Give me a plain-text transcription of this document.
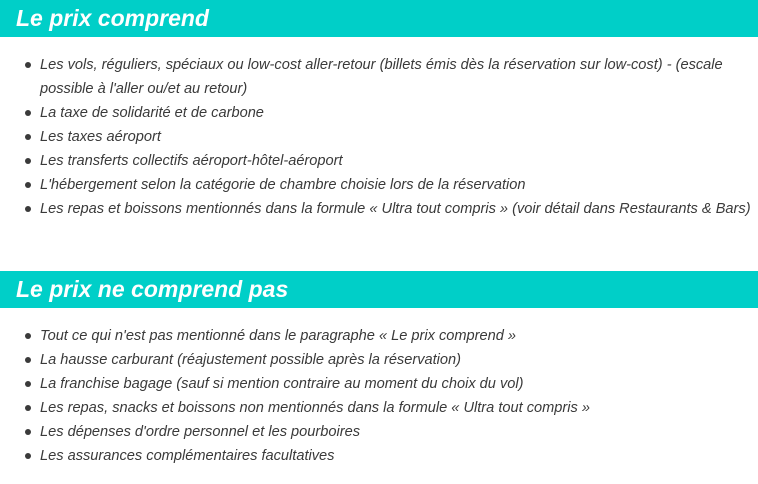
Le prix comprend
Les vols, réguliers, spéciaux ou low-cost aller-retour (billets émis dès la réservation sur low-cost) - (escale possible à l'aller ou/et au retour)
La taxe de solidarité et de carbone
Les taxes aéroport
Les transferts collectifs aéroport-hôtel-aéroport
L'hébergement selon la catégorie de chambre choisie lors de la réservation
Les repas et boissons mentionnés dans la formule « Ultra tout compris » (voir détail dans Restaurants & Bars)
Le prix ne comprend pas
Tout ce qui n'est pas mentionné dans le paragraphe « Le prix comprend »
La hausse carburant (réajustement possible après la réservation)
La franchise bagage (sauf si mention contraire au moment du choix du vol)
Les repas, snacks et boissons non mentionnés dans la formule « Ultra tout compris »
Les dépenses d'ordre personnel et les pourboires
Les assurances complémentaires facultatives
